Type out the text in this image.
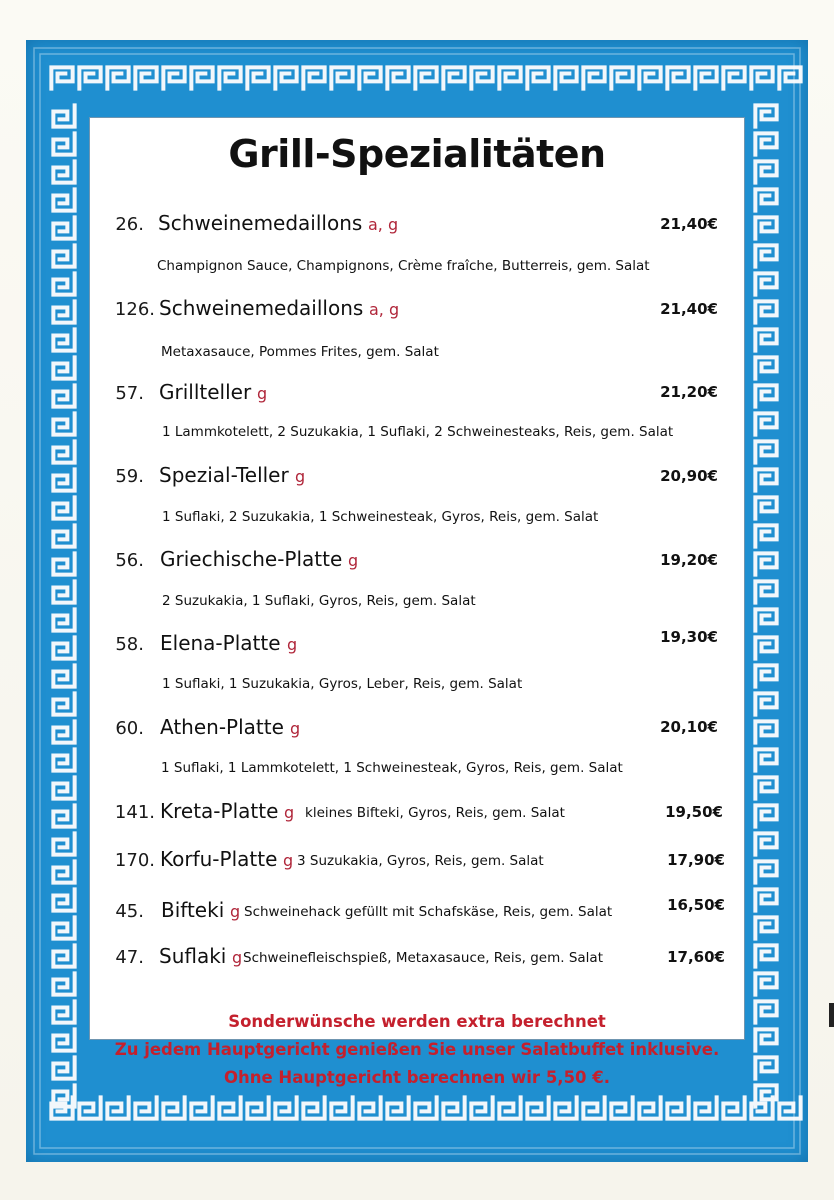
Grill-Spezialitäten
26. Schweinemedaillons a, g
Champignon Sauce, Champignons, Crème fraîche, Butterreis, gem. Salat
21,40€
126. Schweinemedaillons a, g
Metaxasauce, Pommes Frites, gem. Salat
21,40€
57. Grillteller g
1 Lammkotelett, 2 Suzukakia, 1 Suflaki, 2 Schweinesteaks, Reis, gem. Salat
21,20€
59. Spezial-Teller g
1 Suflaki, 2 Suzukakia, 1 Schweinesteak, Gyros, Reis, gem. Salat
20,90€
56. Griechische-Platte g
2 Suzukakia, 1 Suflaki, Gyros, Reis, gem. Salat
19,20€
58. Elena-Platte g
1 Suflaki, 1 Suzukakia, Gyros, Leber, Reis, gem. Salat
19,30€
60. Athen-Platte g
1 Suflaki, 1 Lammkotelett, 1 Schweinesteak, Gyros, Reis, gem. Salat
20,10€
141. Kreta-Platte g kleines Bifteki, Gyros, Reis, gem. Salat	19,50€
170. Korfu-Platte g 3 Suzukakia, Gyros, Reis, gem. Salat	17,90€
45. Bifteki g Schweinehack gefüllt mit Schafskäse, Reis, gem. Salat	16,50€
47. Suflaki g Schweinefleischspieß, Metaxasauce, Reis, gem. Salat	17,60€
Sonderwünsche werden extra berechnet
Zu jedem Hauptgericht genießen Sie unser Salatbuffet inklusive.
Ohne Hauptgericht berechnen wir 5,50 €.
